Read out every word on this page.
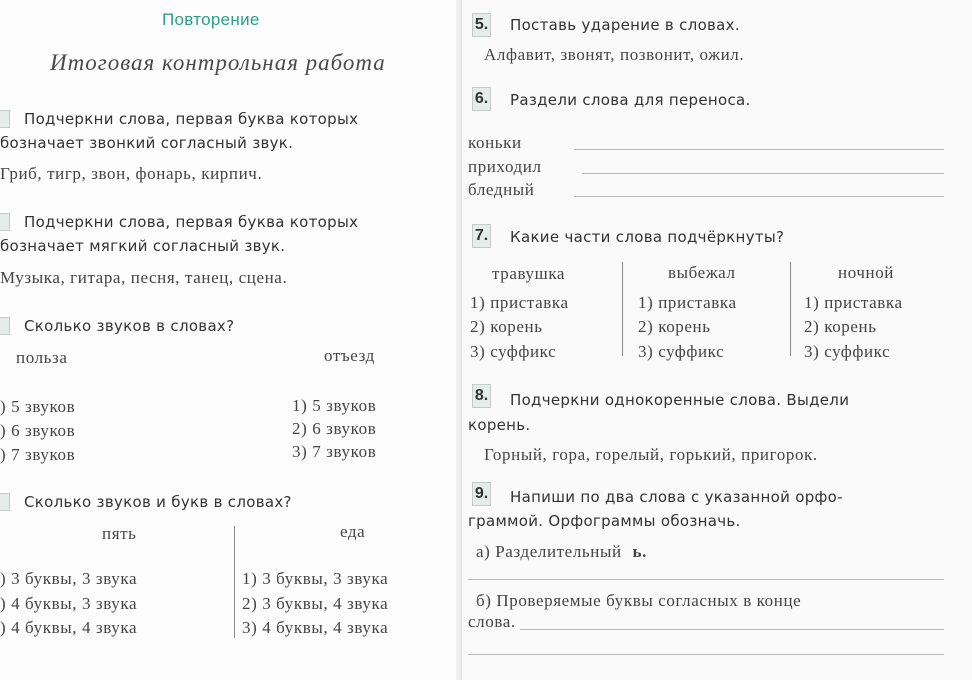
Повторение
Итоговая контрольная работа
Подчеркни слова, первая буква которых
бозначает звонкий согласный звук.
Гриб, тигр, звон, фонарь, кирпич.
Подчеркни слова, первая буква которых
бозначает мягкий согласный звук.
Музыка, гитара, песня, танец, сцена.
Сколько звуков в словах?
польза	отъезд
) 5 звуков
) 6 звуков
) 7 звуков
1) 5 звуков
2) 6 звуков
3) 7 звуков
Сколько звуков и букв в словах?
пять	еда
) 3 буквы, 3 звука
) 4 буквы, 3 звука
) 4 буквы, 4 звука
1) 3 буквы, 3 звука
2) 3 буквы, 4 звука
3) 4 буквы, 4 звука
5. Поставь ударение в словах.
Алфавит, звонят, позвонит, ожил.
6. Раздели слова для переноса.
коньки
приходил
бледный
7. Какие части слова подчёркнуты?
травушка
1) приставка
2) корень
3) суффикс
выбежал
1) приставка
2) корень
3) суффикс
ночной
1) приставка
2) корень
3) суффикс
8. Подчеркни однокоренные слова. Выдели
корень.
Горный, гора, горелый, горький, пригорок.
9. Напиши по два слова с указанной орфо-
граммой. Орфограммы обозначь.
а) Разделительный ь.
б) Проверяемые буквы согласных в конце
слова.
